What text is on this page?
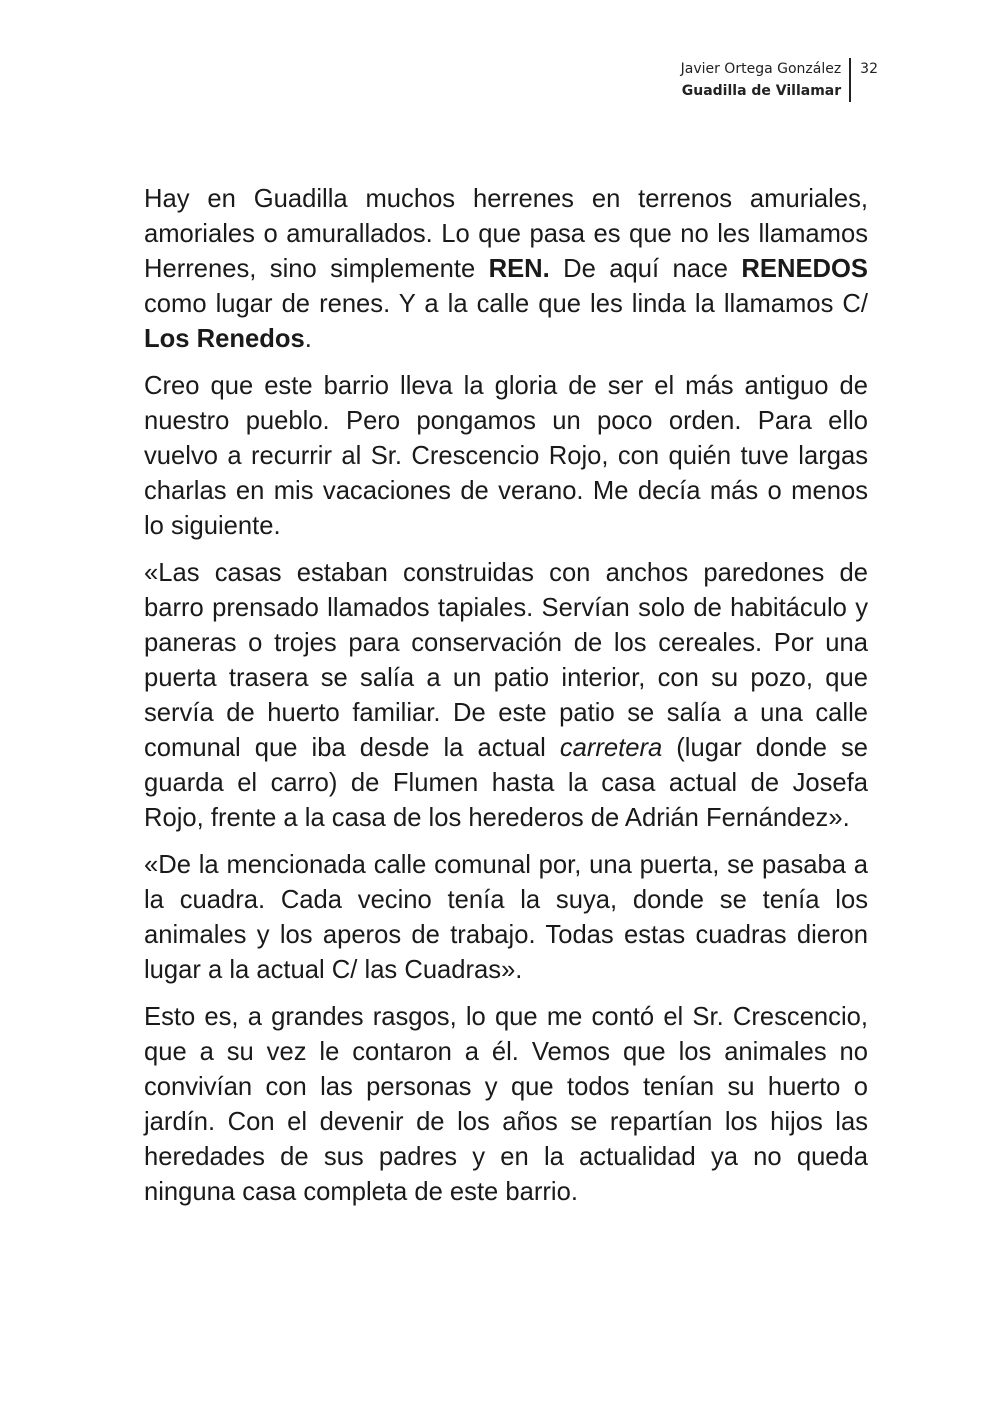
Javier Ortega González
Guadilla de Villamar
32

Hay en Guadilla muchos herrenes en terrenos amuriales, amoriales o amurallados. Lo que pasa es que no les llamamos Herrenes, sino simplemente REN. De aquí nace RENEDOS como lugar de renes. Y a la calle que les linda la llamamos C/ Los Renedos.

Creo que este barrio lleva la gloria de ser el más antiguo de nuestro pueblo. Pero pongamos un poco orden. Para ello vuelvo a recurrir al Sr. Crescencio Rojo, con quién tuve largas charlas en mis vacaciones de verano. Me decía más o menos lo siguiente.

«Las casas estaban construidas con anchos paredones de barro prensado llamados tapiales. Servían solo de habitáculo y paneras o trojes para conservación de los cereales. Por una puerta trasera se salía a un patio interior, con su pozo, que servía de huerto familiar. De este patio se salía a una calle comunal que iba desde la actual carretera (lugar donde se guarda el carro) de Flumen hasta la casa actual de Josefa Rojo, frente a la casa de los herederos de Adrián Fernández».

«De la mencionada calle comunal por, una puerta, se pasaba a la cuadra. Cada vecino tenía la suya, donde se tenía los animales y los aperos de trabajo. Todas estas cuadras dieron lugar a la actual C/ las Cuadras».

Esto es, a grandes rasgos, lo que me contó el Sr. Crescencio, que a su vez le contaron a él. Vemos que los animales no convivían con las personas y que todos tenían su huerto o jardín. Con el devenir de los años se repartían los hijos las heredades de sus padres y en la actualidad ya no queda ninguna casa completa de este barrio.
